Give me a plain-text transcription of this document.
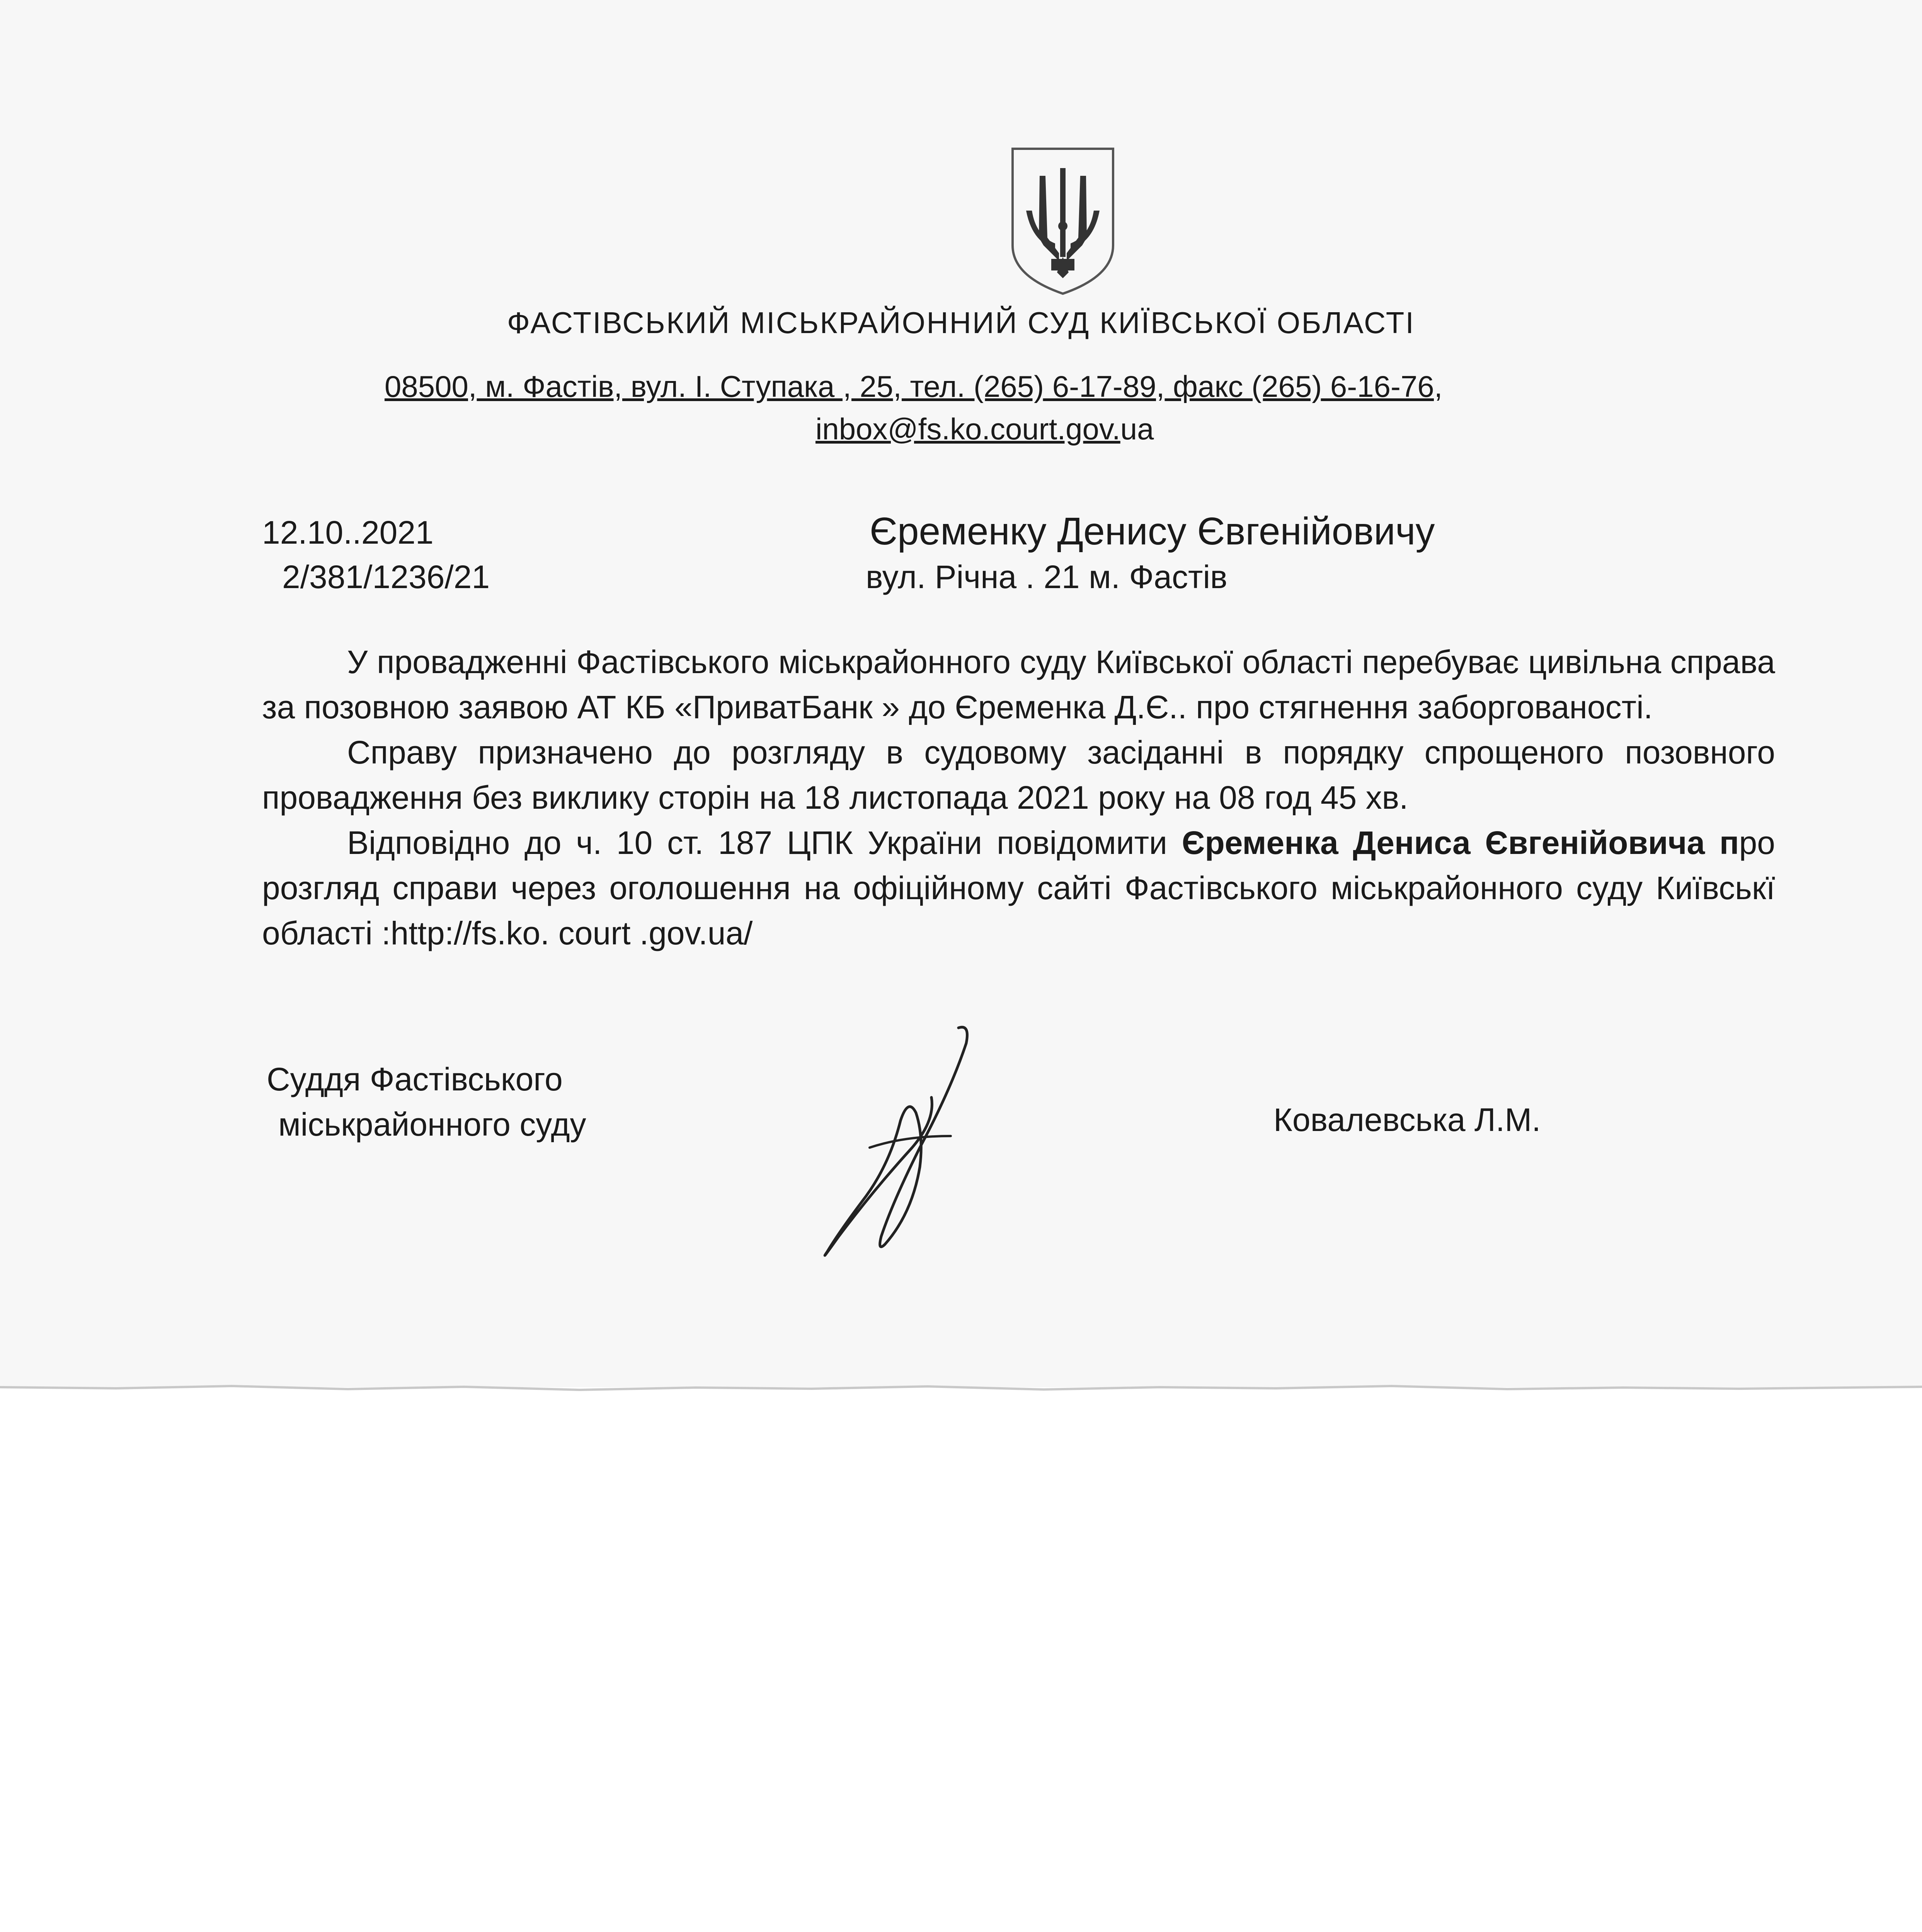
ФАСТІВСЬКИЙ МІСЬКРАЙОННИЙ СУД КИЇВСЬКОЇ ОБЛАСТІ
08500, м. Фастів, вул. І. Ступака , 25, тел. (265) 6-17-89, факс (265) 6-16-76,
inbox@fs.ko.court.gov.ua
12.10..2021
2/381/1236/21
Єременку Денису Євгенійовичу
вул. Річна . 21 м. Фастів

У провадженні Фастівського міськрайонного суду Київської області перебуває цивільна справа за позовною заявою АТ КБ «ПриватБанк » до Єременка Д.Є.. про стягнення заборгованості.

Справу призначено до розгляду в судовому засіданні в порядку спрощеного позовного провадження без виклику сторін на 18 листопада 2021 року на 08 год 45 хв.

Відповідно до ч. 10 ст. 187 ЦПК України повідомити Єременка Дениса Євгенійовича про розгляд справи через оголошення на офіційному сайті Фастівського міськрайонного суду Київськї області :http://fs.ko. court .gov.ua/

Суддя Фастівського
міськрайонного суду	Ковалевська Л.М.
